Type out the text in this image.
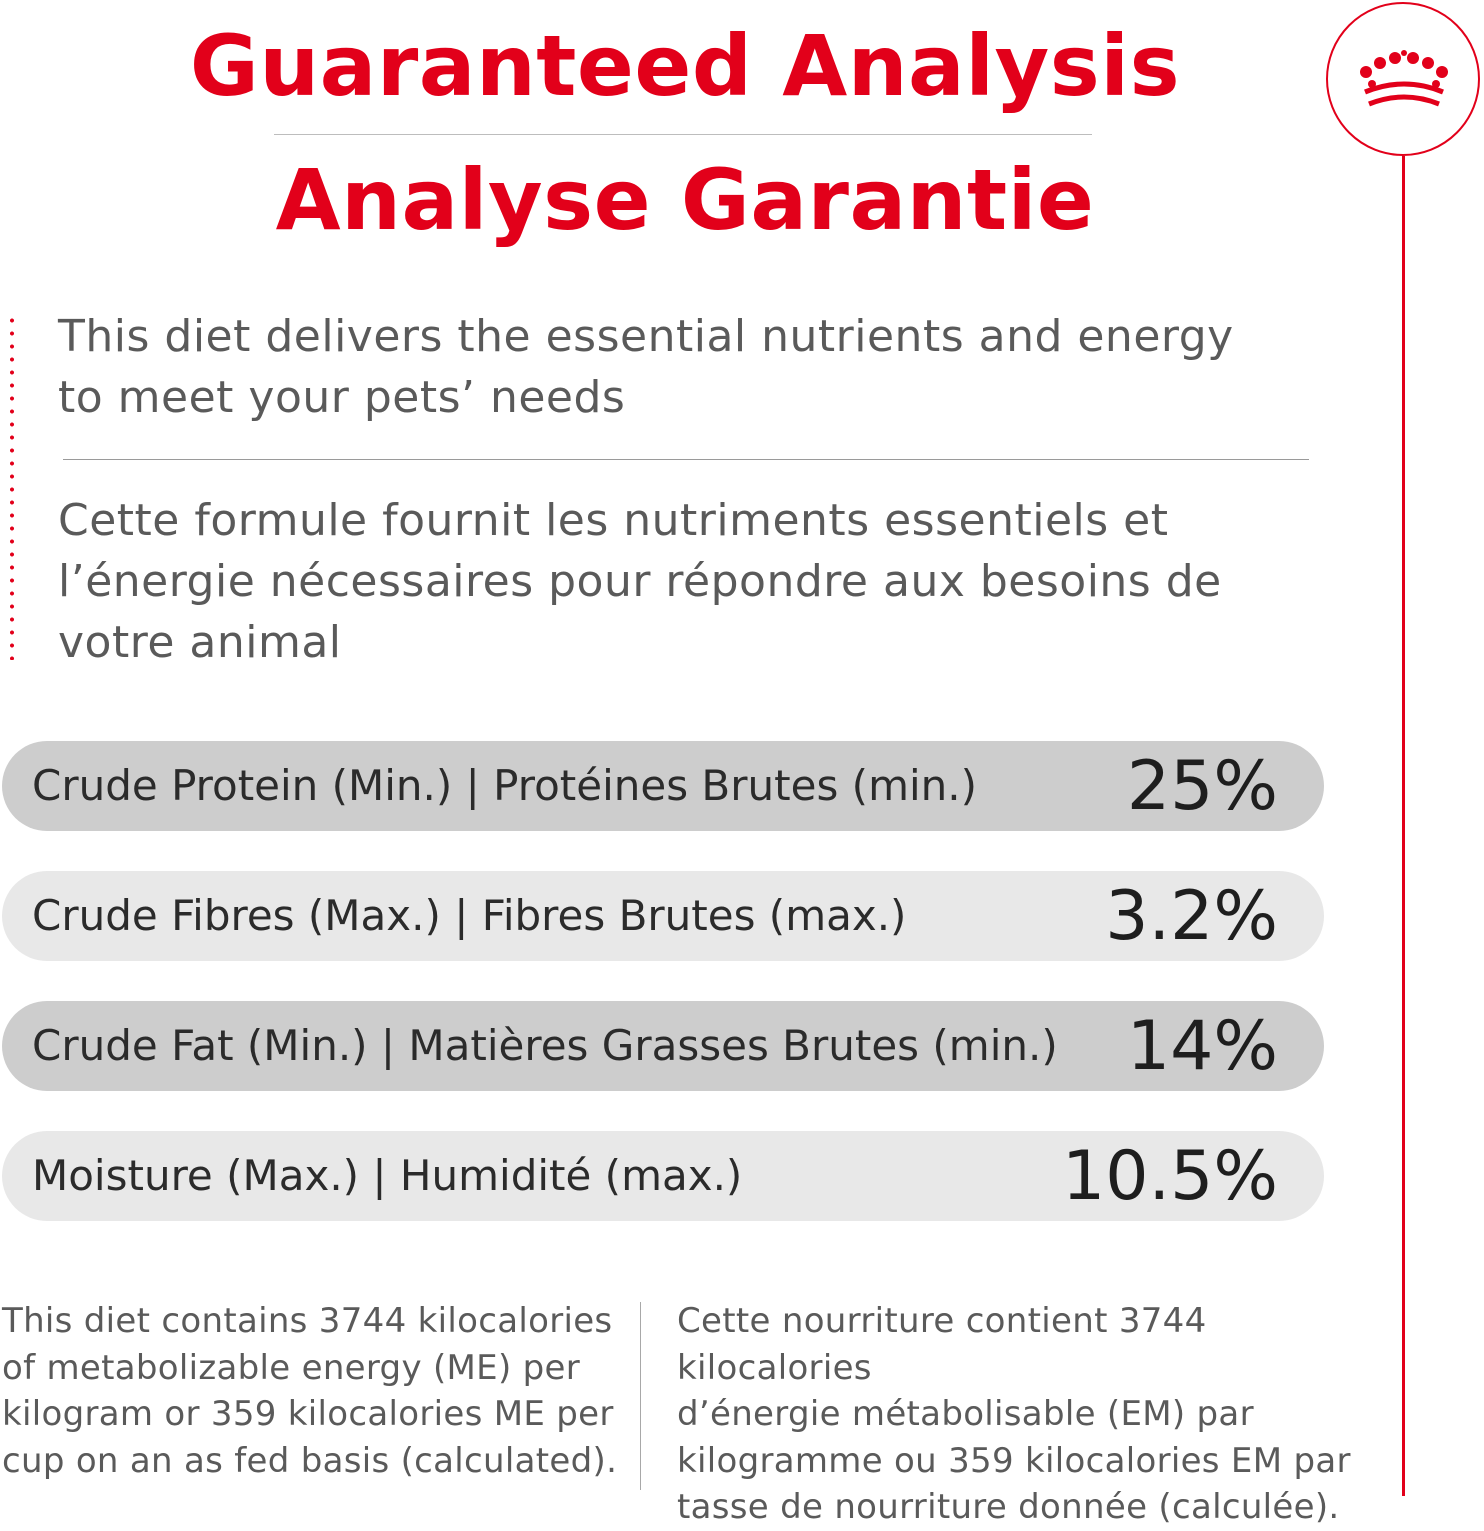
Guaranteed Analysis
Analyse Garantie
This diet delivers the essential nutrients and energy
to meet your pets’ needs
Cette formule fournit les nutriments essentiels et
l’énergie nécessaires pour répondre aux besoins de
votre animal
Crude Protein (Min.) | Protéines Brutes (min.) 25%
Crude Fibres (Max.) | Fibres Brutes (max.)	3.2%
Crude Fat (Min.) | Matières Grasses Brutes (min.) 14%
Moisture (Max.) | Humidité (max.)	10.5%
This diet contains 3744 kilocalories
of metabolizable energy (ME) per
kilogram or 359 kilocalories ME per
cup on an as fed basis (calculated).
Cette nourriture contient 3744 kilocalories
d’énergie métabolisable (EM) par
kilogramme ou 359 kilocalories EM par
tasse de nourriture donnée (calculée).
